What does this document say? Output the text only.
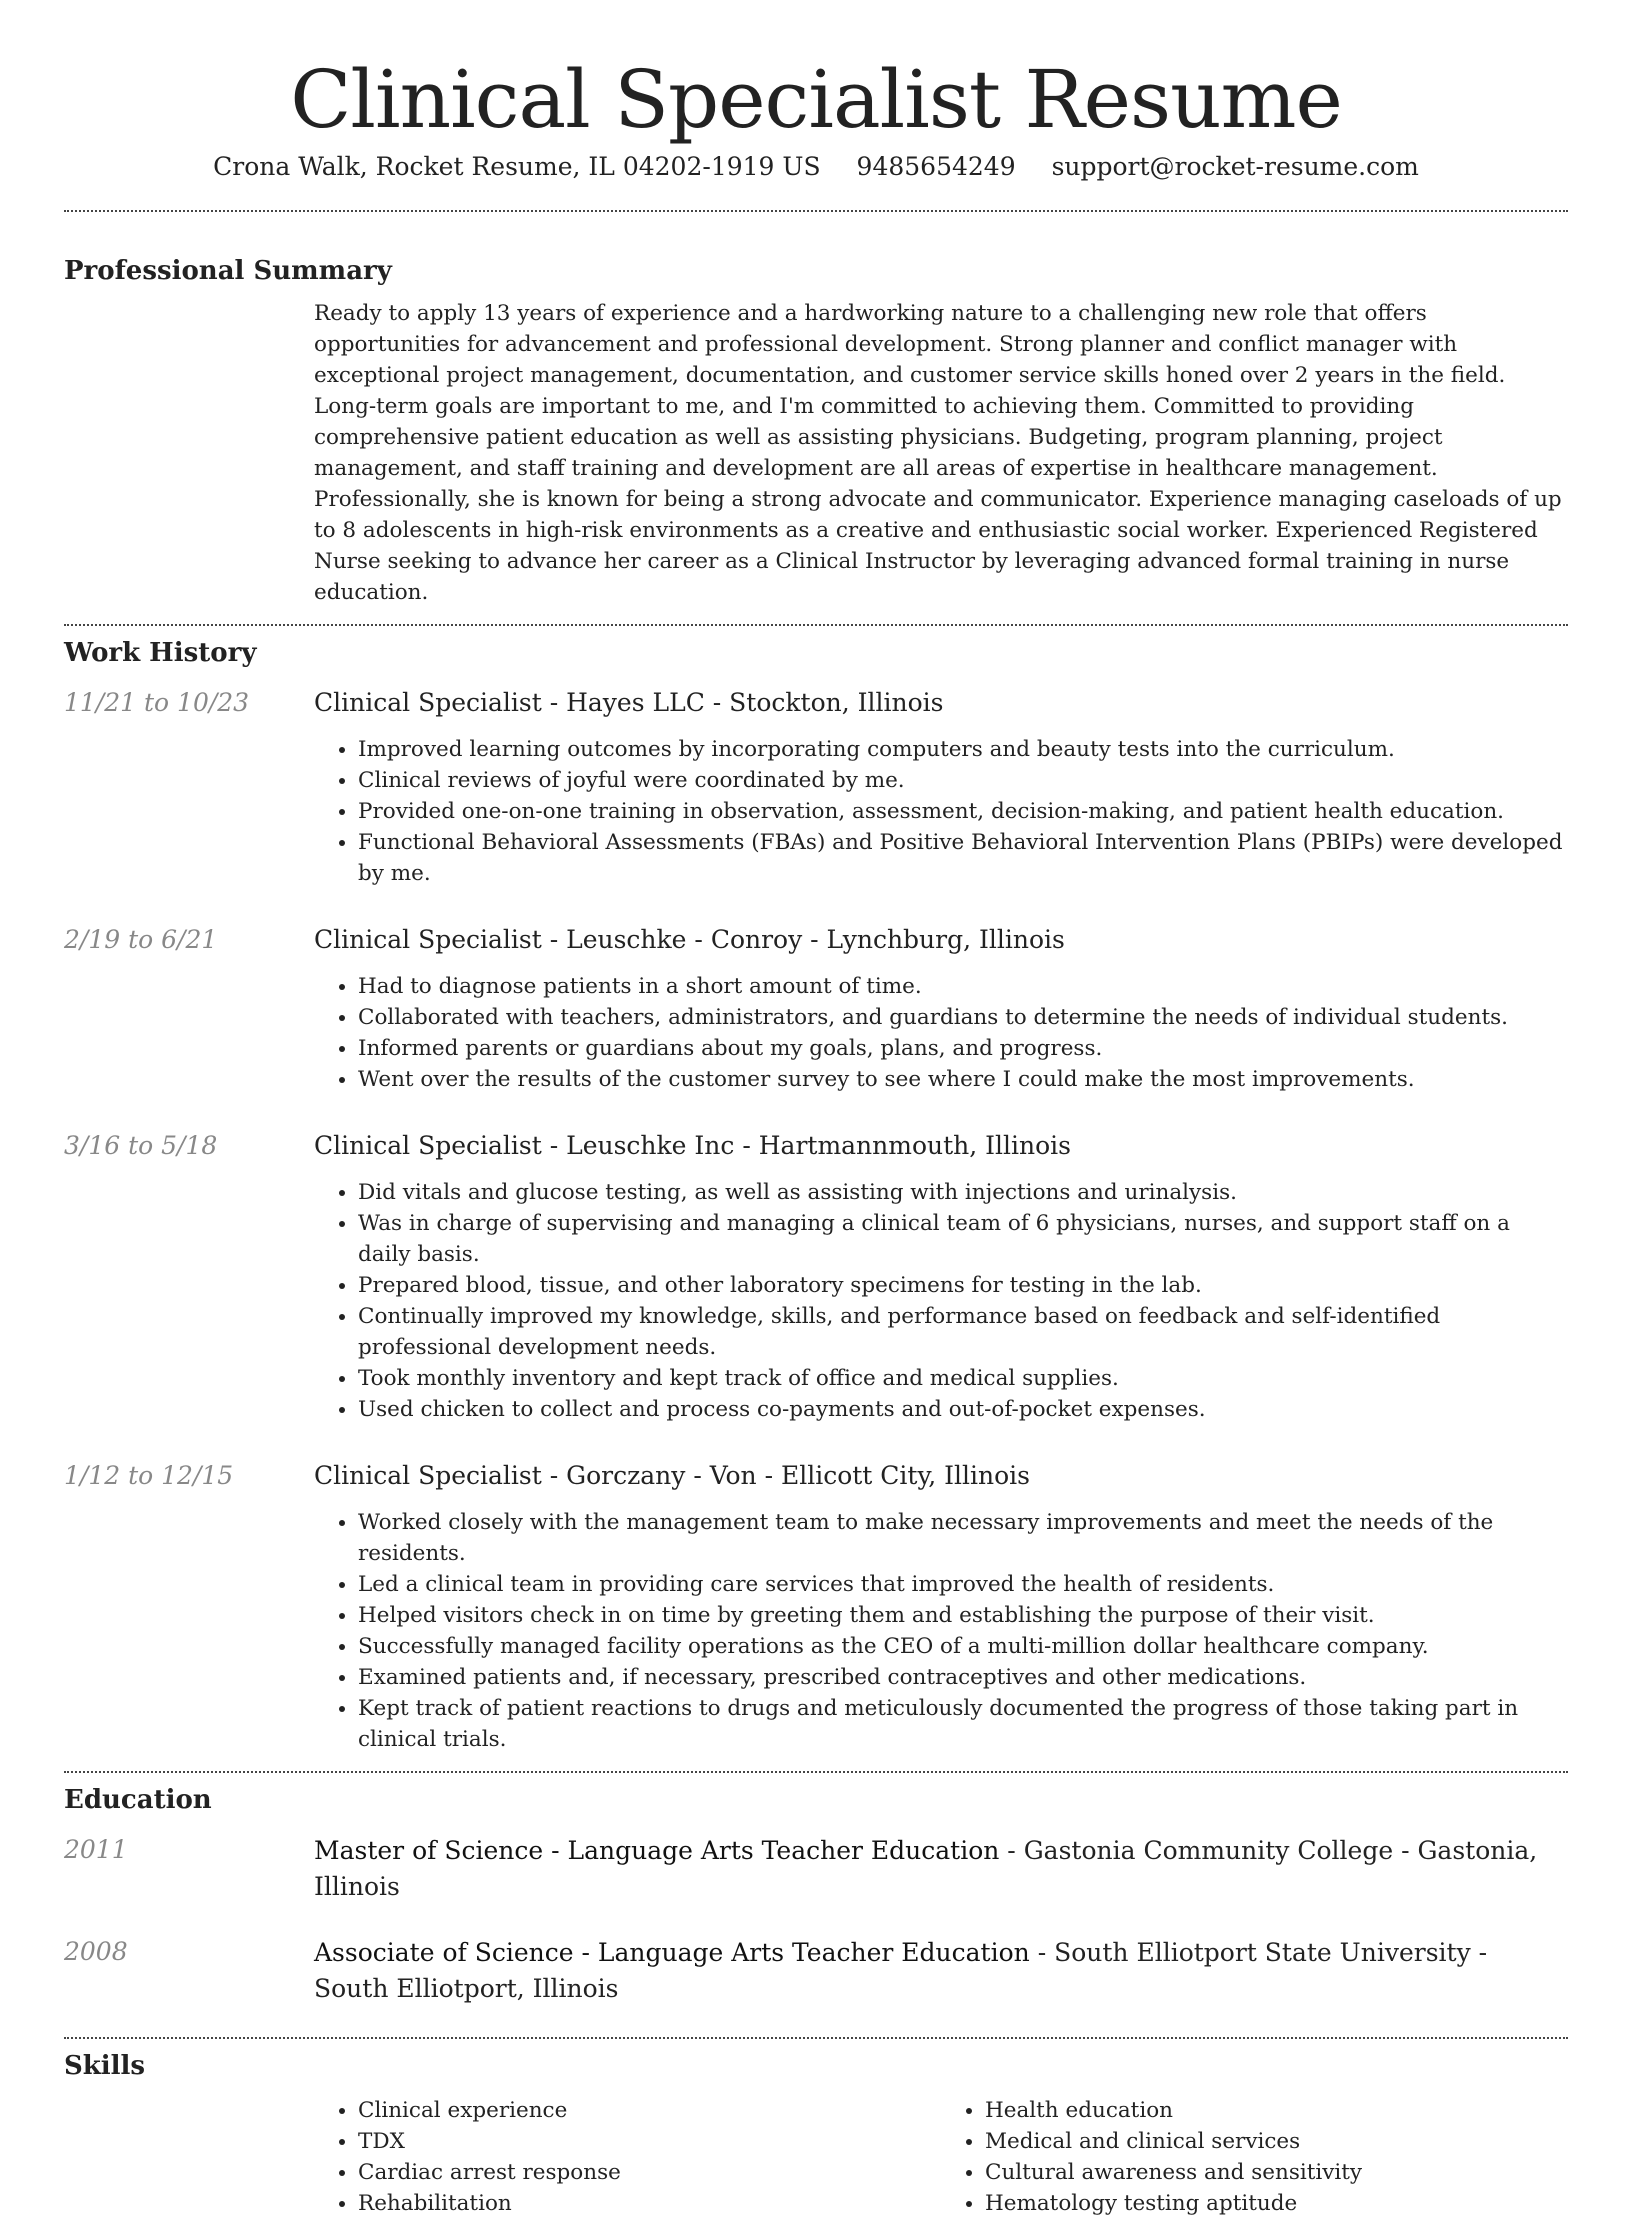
Clinical Specialist Resume
Crona Walk, Rocket Resume, IL 04202-1919 US 9485654249 support@rocket-resume.com
Professional Summary

Ready to apply 13 years of experience and a hardworking nature to a challenging new role that offers opportunities for advancement and professional development. Strong planner and conflict manager with exceptional project management, documentation, and customer service skills honed over 2 years in the field. Long-term goals are important to me, and I'm committed to achieving them. Committed to providing comprehensive patient education as well as assisting physicians. Budgeting, program planning, project management, and staff training and development are all areas of expertise in healthcare management. Professionally, she is known for being a strong advocate and communicator. Experience managing caseloads of up to 8 adolescents in high-risk environments as a creative and enthusiastic social worker. Experienced Registered Nurse seeking to advance her career as a Clinical Instructor by leveraging advanced formal training in nurse education.

Work History
11/21 to 10/23	Clinical Specialist - Hayes LLC - Stockton, Illinois
• Improved learning outcomes by incorporating computers and beauty tests into the curriculum.
• Clinical reviews of joyful were coordinated by me.
• Provided one-on-one training in observation, assessment, decision-making, and patient health education.
• Functional Behavioral Assessments (FBAs) and Positive Behavioral Intervention Plans (PBIPs) were developed by me.
2/19 to 6/21	Clinical Specialist - Leuschke - Conroy - Lynchburg, Illinois
• Had to diagnose patients in a short amount of time.
• Collaborated with teachers, administrators, and guardians to determine the needs of individual students.
• Informed parents or guardians about my goals, plans, and progress.
• Went over the results of the customer survey to see where I could make the most improvements.
3/16 to 5/18	Clinical Specialist - Leuschke Inc - Hartmannmouth, Illinois
• Did vitals and glucose testing, as well as assisting with injections and urinalysis.
• Was in charge of supervising and managing a clinical team of 6 physicians, nurses, and support staff on a daily basis.
• Prepared blood, tissue, and other laboratory specimens for testing in the lab.
• Continually improved my knowledge, skills, and performance based on feedback and self-identified professional development needs.
• Took monthly inventory and kept track of office and medical supplies.
• Used chicken to collect and process co-payments and out-of-pocket expenses.
1/12 to 12/15	Clinical Specialist - Gorczany - Von - Ellicott City, Illinois
• Worked closely with the management team to make necessary improvements and meet the needs of the residents.
• Led a clinical team in providing care services that improved the health of residents.
• Helped visitors check in on time by greeting them and establishing the purpose of their visit.
• Successfully managed facility operations as the CEO of a multi-million dollar healthcare company.
• Examined patients and, if necessary, prescribed contraceptives and other medications.
• Kept track of patient reactions to drugs and meticulously documented the progress of those taking part in clinical trials.
Education
2011	Master of Science - Language Arts Teacher Education - Gastonia Community College - Gastonia, Illinois
2008	Associate of Science - Language Arts Teacher Education - South Elliotport State University - South Elliotport, Illinois
Skills
• Clinical experience
• TDX
• Cardiac arrest response
• Rehabilitation
• Health education
• Medical and clinical services
• Cultural awareness and sensitivity
• Hematology testing aptitude
